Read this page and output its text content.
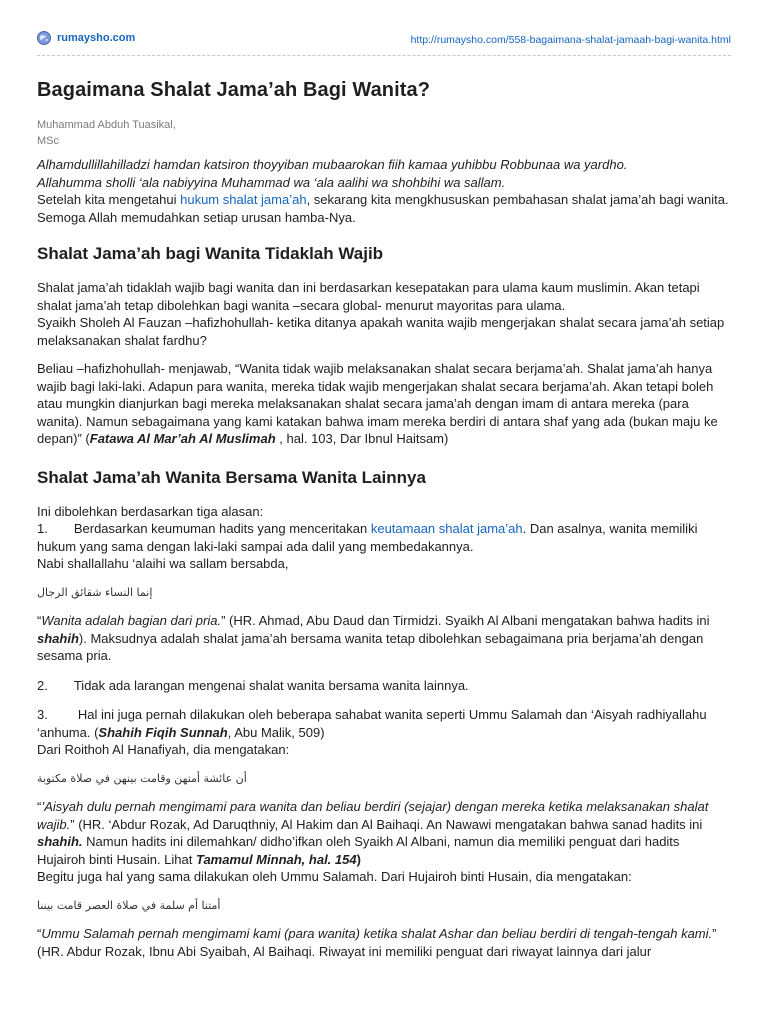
rumaysho.com	http://rumaysho.com/558-bagaimana-shalat-jamaah-bagi-wanita.html
Bagaimana Shalat Jama’ah Bagi Wanita?
Muhammad Abduh Tuasikal,
MSc

Alhamdullillahilladzi hamdan katsiron thoyyiban mubaarokan fiih kamaa yuhibbu Robbunaa wa yardho.

Allahumma sholli ‘ala nabiyyina Muhammad wa ‘ala aalihi wa shohbihi wa sallam.

Setelah kita mengetahui hukum shalat jama’ah, sekarang kita mengkhususkan pembahasan shalat jama’ah bagi wanita. Semoga Allah memudahkan setiap urusan hamba-Nya.

Shalat Jama’ah bagi Wanita Tidaklah Wajib

Shalat jama’ah tidaklah wajib bagi wanita dan ini berdasarkan kesepatakan para ulama kaum muslimin. Akan tetapi shalat jama’ah tetap dibolehkan bagi wanita –secara global- menurut mayoritas para ulama.

Syaikh Sholeh Al Fauzan –hafizhohullah- ketika ditanya apakah wanita wajib mengerjakan shalat secara jama’ah setiap melaksanakan shalat fardhu?

Beliau –hafizhohullah- menjawab, “Wanita tidak wajib melaksanakan shalat secara berjama’ah. Shalat jama’ah hanya wajib bagi laki-laki. Adapun para wanita, mereka tidak wajib mengerjakan shalat secara berjama’ah. Akan tetapi boleh atau mungkin dianjurkan bagi mereka melaksanakan shalat secara jama’ah dengan imam di antara mereka (para wanita). Namun sebagaimana yang kami katakan bahwa imam mereka berdiri di antara shaf yang ada (bukan maju ke depan)” (Fatawa Al Mar’ah Al Muslimah , hal. 103, Dar Ibnul Haitsam)

Shalat Jama’ah Wanita Bersama Wanita Lainnya

Ini dibolehkan berdasarkan tiga alasan:

1. Berdasarkan keumuman hadits yang menceritakan keutamaan shalat jama’ah. Dan asalnya, wanita memiliki hukum yang sama dengan laki-laki sampai ada dalil yang membedakannya.

Nabi shallallahu ‘alaihi wa sallam bersabda,

إنما النساء شقائق الرجال

“Wanita adalah bagian dari pria.” (HR. Ahmad, Abu Daud dan Tirmidzi. Syaikh Al Albani mengatakan bahwa hadits ini shahih). Maksudnya adalah shalat jama’ah bersama wanita tetap dibolehkan sebagaimana pria berjama’ah dengan sesama pria.

2. Tidak ada larangan mengenai shalat wanita bersama wanita lainnya.

3. Hal ini juga pernah dilakukan oleh beberapa sahabat wanita seperti Ummu Salamah dan ‘Aisyah radhiyallahu ‘anhuma. (Shahih Fiqih Sunnah, Abu Malik, 509)

Dari Roithoh Al Hanafiyah, dia mengatakan:

أن عائشة أمتهن وقامت بينهن في صلاة مكتوبة

“’Aisyah dulu pernah mengimami para wanita dan beliau berdiri (sejajar) dengan mereka ketika melaksanakan shalat wajib.” (HR. ‘Abdur Rozak, Ad Daruqthniy, Al Hakim dan Al Baihaqi. An Nawawi mengatakan bahwa sanad hadits ini shahih. Namun hadits ini dilemahkan/ didho’ifkan oleh Syaikh Al Albani, namun dia memiliki penguat dari hadits Hujairoh binti Husain. Lihat Tamamul Minnah, hal. 154)

Begitu juga hal yang sama dilakukan oleh Ummu Salamah. Dari Hujairoh binti Husain, dia mengatakan:

أمتنا أم سلمة في صلاة العصر قامت بيننا

“Ummu Salamah pernah mengimami kami (para wanita) ketika shalat Ashar dan beliau berdiri di tengah-tengah kami.” (HR. Abdur Rozak, Ibnu Abi Syaibah, Al Baihaqi. Riwayat ini memiliki penguat dari riwayat lainnya dari jalur
